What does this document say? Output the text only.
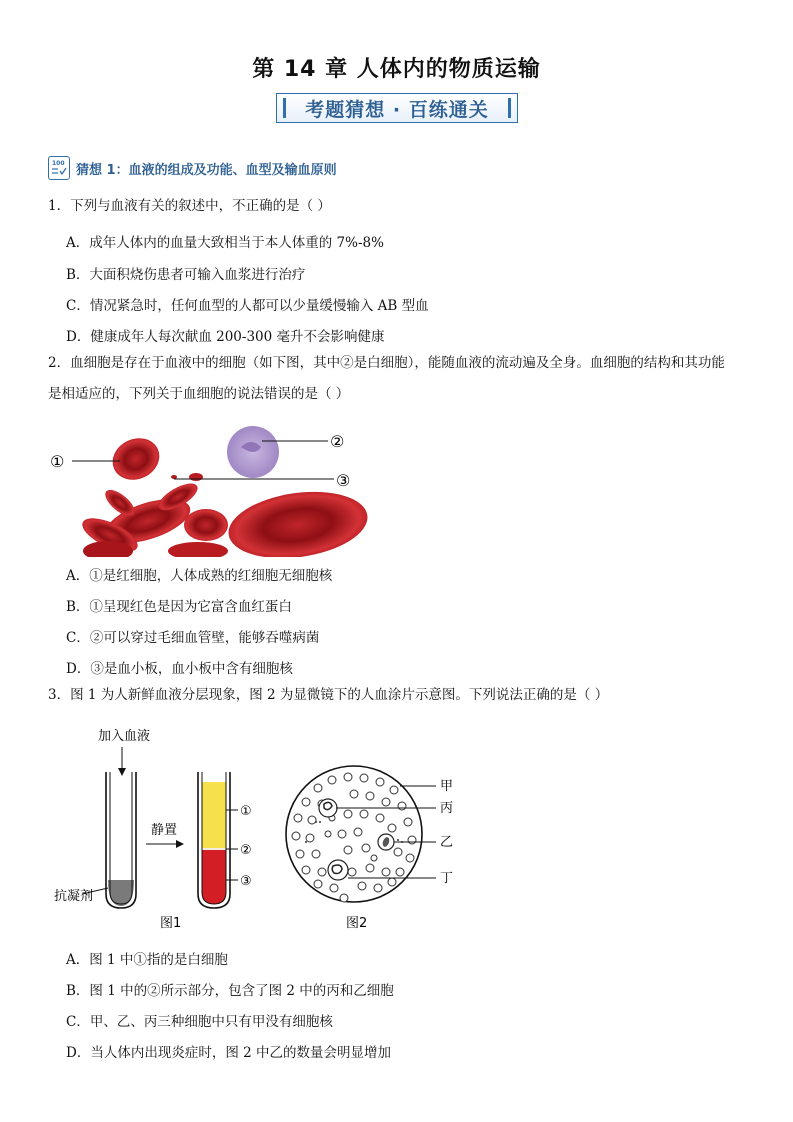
第 14 章 人体内的物质运输
考题猜想 · 百练通关
100 猜想 1：血液的组成及功能、血型及输血原则
1．下列与血液有关的叙述中，不正确的是（ ）
A．成年人体内的血量大致相当于本人体重的 7%-8%
B．大面积烧伤患者可输入血浆进行治疗
C．情况紧急时，任何血型的人都可以少量缓慢输入 AB 型血
D．健康成年人每次献血 200-300 毫升不会影响健康
2．血细胞是存在于血液中的细胞（如下图，其中②是白细胞），能随血液的流动遍及全身。血细胞的结构和其功能
是相适应的，下列关于血细胞的说法错误的是（ ）
①
②
③
A．①是红细胞，人体成熟的红细胞无细胞核
B．①呈现红色是因为它富含血红蛋白
C．②可以穿过毛细血管壁，能够吞噬病菌
D．③是血小板，血小板中含有细胞核
3．图 1 为人新鲜血液分层现象，图 2 为显微镜下的人血涂片示意图。下列说法正确的是（ ）
加入血液
抗凝剂
静置
①
②
③
图1
甲
丙
乙
丁
图2
A．图 1 中①指的是白细胞
B．图 1 中的②所示部分，包含了图 2 中的丙和乙细胞
C．甲、乙、丙三种细胞中只有甲没有细胞核
D．当人体内出现炎症时，图 2 中乙的数量会明显增加
